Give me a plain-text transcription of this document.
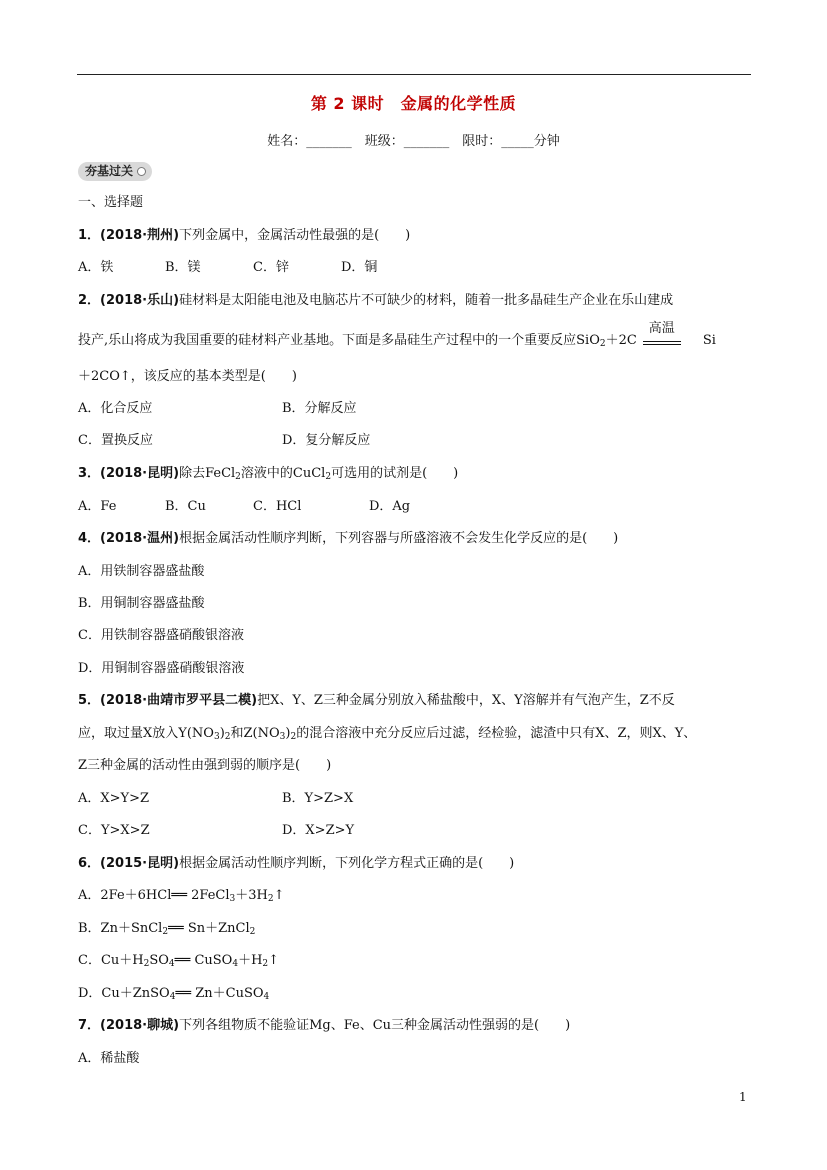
第 2 课时　金属的化学性质
姓名：_______　班级：_______　限时：_____分钟
夯基过关
一、选择题
1．(2018·荆州)下列金属中，金属活动性最强的是(　　)
A．铁	B．镁	C．锌	D．铜
2．(2018·乐山)硅材料是太阳能电池及电脑芯片不可缺少的材料，随着一批多晶硅生产企业在乐山建成
投产,乐山将成为我国重要的硅材料产业基地。下面是多晶硅生产过程中的一个重要反应SiO$_2$＋2C
高温
Si
＋2CO↑，该反应的基本类型是(　　)
A．化合反应	B．分解反应
C．置换反应	D．复分解反应
3．(2018·昆明)除去FeCl$_2$溶液中的CuCl$_2$可选用的试剂是(　　)
A．Fe	B．Cu	C．HCl	D．Ag
4．(2018·温州)根据金属活动性顺序判断，下列容器与所盛溶液不会发生化学反应的是(　　)
A．用铁制容器盛盐酸
B．用铜制容器盛盐酸
C．用铁制容器盛硝酸银溶液
D．用铜制容器盛硝酸银溶液
5．(2018·曲靖市罗平县二模)把X、Y、Z三种金属分别放入稀盐酸中，X、Y溶解并有气泡产生，Z不反
应，取过量X放入$Y(NO_3)_2$和$Z(NO_3)_2$的混合溶液中充分反应后过滤，经检验，滤渣中只有X、Z，则X、Y、
Z三种金属的活动性由强到弱的顺序是(　　)
A．X>Y>Z	B．Y>Z>X
C．Y>X>Z	D．X>Z>Y
6．(2015·昆明)根据金属活动性顺序判断，下列化学方程式正确的是(　　)
A．2Fe＋6HCl══ $2FeCl_3+3H_2↑$
B．Zn＋SnCl$_2$══ Sn＋ZnCl$_2$
C．$Cu+H_2SO_4══$ $CuSO_4+H_2↑$
D．Cu＋ZnSO$_4$══ Zn＋CuSO$_4$
7．(2018·聊城)下列各组物质不能验证Mg、Fe、Cu三种金属活动性强弱的是(　　)
A．稀盐酸
1
